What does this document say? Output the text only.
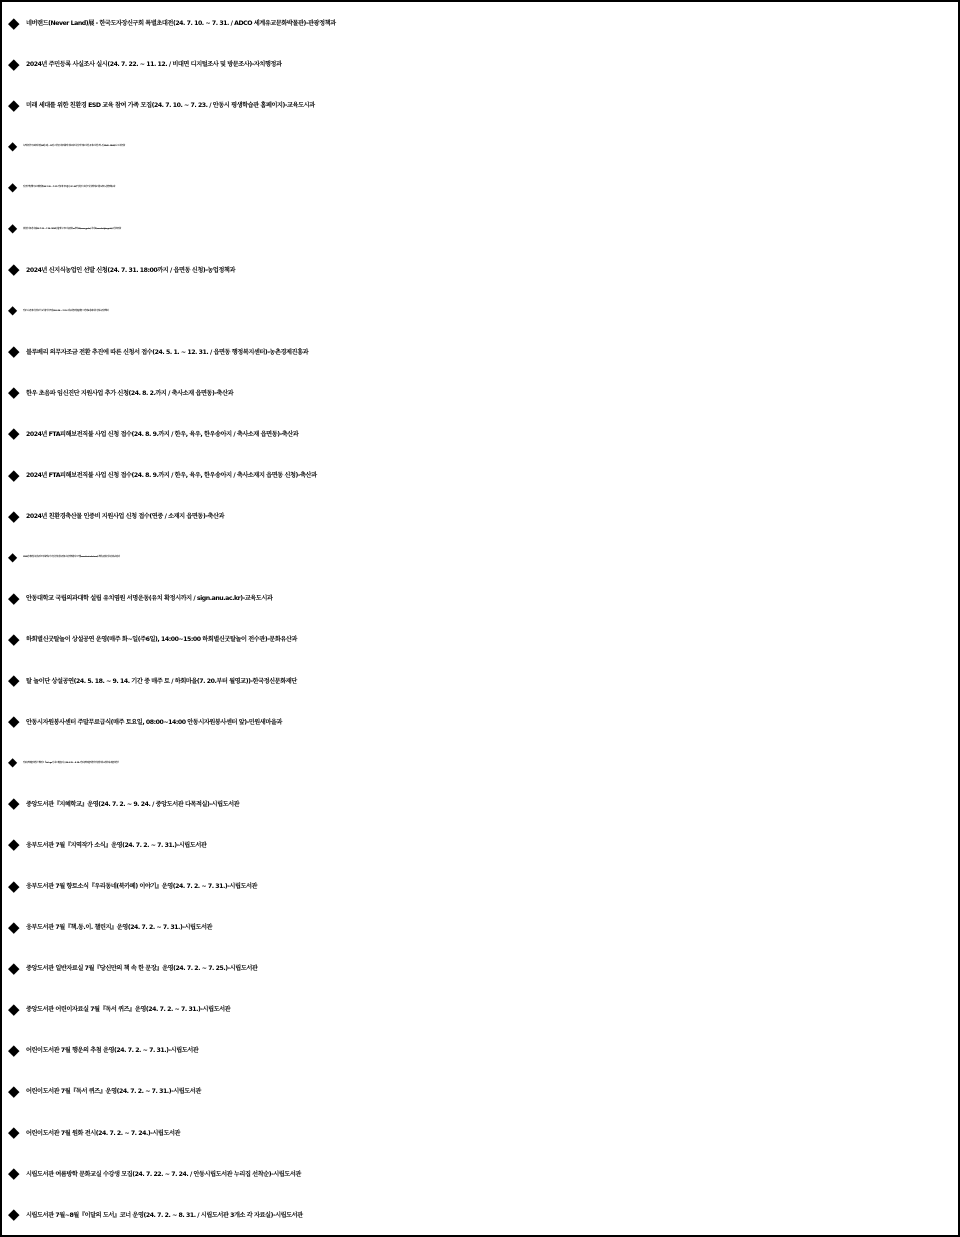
◆	네버랜드(Never Land)展 - 한국도자장신구회 특별초대전(24. 7. 10. ~ 7. 31. / ADCO 세계유교문화박물관)-관광정책과
◆	2024년 주민등록 사실조사 실시(24. 7. 22. ~ 11. 12. / 비대면 디지털조사 및 방문조사)-자치행정과
◆	미래 세대를 위한 친환경 ESD 교육 참여 가족 모집(24. 7. 10. ~ 7. 23. / 안동시 평생학습관 홈페이지)-교육도시과
◆	녹색자전거 무료대여사업(24년 3월 ~ 12월 / 어가골 다목적광장, 영호대교 북단, 영가대교 북단, 용정교 북단 / 화~일 09:00~18:00)-도시디자인과
◆	임신부 백일해 무료 예방접종(24. 7. 22. ~ 7. 27. / 안동에 주소를 둔 27~36주 임신부 / 보건소 및 위탁의료기관 5개소)-감염병대응과
◆	첫만남 이용권 지원(24. 7. 22. ~ 7. 26. / 2024년 출생아 / 주소지읍면동or정부24(www.gpv.kr), 복지로(www.bokjiro.go.kr))-건강증진과
◆	2024년 신지식농업인 선발 신청(24. 7. 31. 18:00까지 / 읍면동 신청)-농업정책과
◆	안동시 농촌에서 살아보기 1기 참가자 모집(24. 6. 26. ~ 7. 23. / 귀농귀촌통합플랫폼 '그린대로' 홈페이지 신청)-농업정책과
◆	블루베리 의무자조금 전환 추진에 따른 신청서 접수(24. 5. 1. ~ 12. 31. / 읍면동 행정복지센터)-농촌경제진흥과
◆	한우 초음파 임신진단 지원사업 추가 신청(24. 8. 2.까지 / 축사소재 읍면동)-축산과
◆	2024년 FTA피해보전직불 사업 신청 접수(24. 8. 9.까지 / 한우, 육우, 한우송아지 / 축사소재 읍면동)-축산과
◆	2024년 FTA피해보전직불 사업 신청 접수(24. 8. 9.까지 / 한우, 육우, 한우송아지 / 축사소재지 읍면동 신청)-축산과
◆	2024년 친환경축산물 인증비 지원사업 신청 접수(연중 / 소재지 읍면동)-축산과
◆	2024년 깨끗한 축산농장 조성 희망농가 사업 신청 접수(연중 / 축산악취관리시스템(www.lemi.or.kr/oms/), 해당 읍면동 및 축산과)-축산과
◆	안동대학교 국립의과대학 설립 유치염원 서명운동(유치 확정시까지 / sign.anu.ac.kr)-교육도시과
◆	하회별신굿탈놀이 상설공연 운영(매주 화~일(주6일), 14:00~15:00 하회별신굿탈놀이 전수관)-문화유산과
◆	탈 놀이단 상설공연(24. 5. 18. ~ 9. 14. 기간 중 매주 토 / 하회마을(7. 20.부터 월영교))-한국정신문화재단
◆	안동시자원봉사센터 주말무료급식(매주 토요일, 08:00~14:00 안동시자원봉사센터 앞)-민원새마을과
◆	안동문화예술의전당 기획전시『Let’s go 신나는 예술놀이』(24. 6. 25. ~ 8. 18. / 안동문화예술의전당 상설갤러리, 5갤러리)-예술의전당
◆	중앙도서관『지혜학교』운영(24. 7. 2. ~ 9. 24. / 중앙도서관 다목적실)-시립도서관
◆	웅부도서관 7월『지역작가 소식』운영(24. 7. 2. ~ 7. 31.)-시립도서관
◆	웅부도서관 7월 향토소식『우리동네(북카페) 이야기』운영(24. 7. 2. ~ 7. 31.)-시립도서관
◆	웅부도서관 7월『책.동.이. 챌린지』운영(24. 7. 2. ~ 7. 31.)-시립도서관
◆	중앙도서관 일반자료실 7월『당신만의 책 속 한 문장』운영(24. 7. 2. ~ 7. 25.)-시립도서관
◆	중앙도서관 어린이자료실 7월『독서 퀴즈』운영(24. 7. 2. ~ 7. 31.)-시립도서관
◆	어린이도서관 7월 행운의 추첨 운영(24. 7. 2. ~ 7. 31.)-시립도서관
◆	어린이도서관 7월『독서 퀴즈』운영(24. 7. 2. ~ 7. 31.)-시립도서관
◆	어린이도서관 7월 원화 전시(24. 7. 2. ~ 7. 24.)-시립도서관
◆	시립도서관 여름방학 문화교실 수강생 모집(24. 7. 22. ~ 7. 24. / 안동시립도서관 누리집 선착순)-시립도서관
◆	시립도서관 7월~8월『이달의 도서』코너 운영(24. 7. 2. ~ 8. 31. / 시립도서관 3개소 각 자료실)-시립도서관
